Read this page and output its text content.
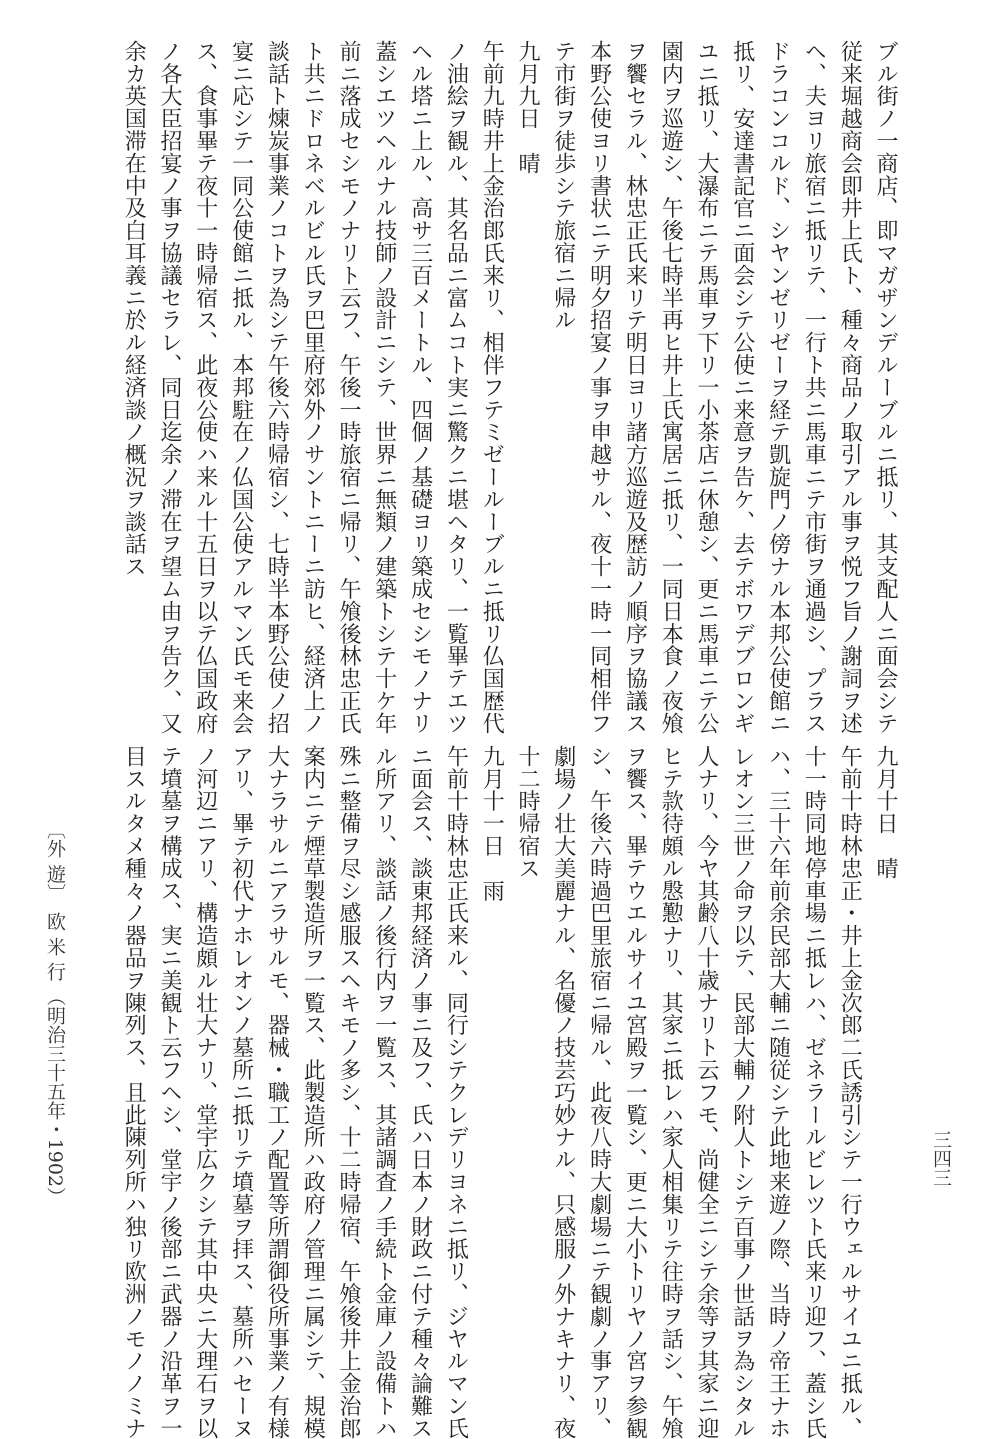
ブル街ノ一商店、即マガザンデルーブルニ抵リ、其支配人ニ面会シテ
従来堀越商会即井上氏ト、種々商品ノ取引アル事ヲ悦フ旨ノ謝詞ヲ述
ヘ、夫ヨリ旅宿ニ抵リテ、一行ト共ニ馬車ニテ市街ヲ通過シ、プラス
ドラコンコルド、シヤンゼリゼーヲ経テ凱旋門ノ傍ナル本邦公使館ニ
抵リ、安達書記官ニ面会シテ公使ニ来意ヲ告ケ、去テボワデブロンギ
ユニ抵リ、大瀑布ニテ馬車ヲ下リ一小茶店ニ休憩シ、更ニ馬車ニテ公
園内ヲ巡遊シ、午後七時半再ヒ井上氏寓居ニ抵リ、一同日本食ノ夜飧
ヲ饗セラル、林忠正氏来リテ明日ヨリ諸方巡遊及歴訪ノ順序ヲ協議ス
本野公使ヨリ書状ニテ明夕招宴ノ事ヲ申越サル、夜十一時一同相伴フ
テ市街ヲ徒歩シテ旅宿ニ帰ル
九月九日　晴
午前九時井上金治郎氏来リ、相伴フテミゼールーブルニ抵リ仏国歴代
ノ油絵ヲ観ル、其名品ニ富ムコト実ニ驚クニ堪ヘタリ、一覧畢テエツ
ヘル塔ニ上ル、高サ三百メートル、四個ノ基礎ヨリ築成セシモノナリ
蓋シエツヘルナル技師ノ設計ニシテ、世界ニ無類ノ建築トシテ十ケ年
前ニ落成セシモノナリト云フ、午後一時旅宿ニ帰リ、午飧後林忠正氏
ト共ニドロネベルビル氏ヲ巴里府郊外ノサントニーニ訪ヒ、経済上ノ
談話ト煉炭事業ノコトヲ為シテ午後六時帰宿シ、七時半本野公使ノ招
宴ニ応シテ一同公使館ニ抵ル、本邦駐在ノ仏国公使アルマン氏モ来会
ス、食事畢テ夜十一時帰宿ス、此夜公使ハ来ル十五日ヲ以テ仏国政府
ノ各大臣招宴ノ事ヲ協議セラレ、同日迄余ノ滞在ヲ望ム由ヲ告ク、又
余カ英国滞在中及白耳義ニ於ル経済談ノ概況ヲ談話ス
九月十日　晴
午前十時林忠正・井上金次郎二氏誘引シテ一行ウェルサイユニ抵ル、
十一時同地停車場ニ抵レハ、ゼネラールビレツト氏来リ迎フ、蓋シ氏
ハ、三十六年前余民部大輔ニ随従シテ此地来遊ノ際、当時ノ帝王ナホ
レオン三世ノ命ヲ以テ、民部大輔ノ附人トシテ百事ノ世話ヲ為シタル
人ナリ、今ヤ其齢八十歳ナリト云フモ、尚健全ニシテ余等ヲ其家ニ迎
ヒテ款待頗ル慇懃ナリ、其家ニ抵レハ家人相集リテ往時ヲ話シ、午飧
ヲ饗ス、畢テウエルサイユ宮殿ヲ一覧シ、更ニ大小トリヤノ宮ヲ参観
シ、午後六時過巴里旅宿ニ帰ル、此夜八時大劇場ニテ観劇ノ事アリ、
劇場ノ壮大美麗ナル、名優ノ技芸巧妙ナル、只感服ノ外ナキナリ、夜
十二時帰宿ス
九月十一日　雨
午前十時林忠正氏来ル、同行シテクレデリヨネニ抵リ、ジヤルマン氏
ニ面会ス、談東邦経済ノ事ニ及フ、氏ハ日本ノ財政ニ付テ種々論難ス
ル所アリ、談話ノ後行内ヲ一覧ス、其諸調査ノ手続ト金庫ノ設備トハ
殊ニ整備ヲ尽シ感服スヘキモノ多シ、十二時帰宿、午飧後井上金治郎
案内ニテ煙草製造所ヲ一覧ス、此製造所ハ政府ノ管理ニ属シテ、規模
大ナラサルニアラサルモ、器械・職工ノ配置等所謂御役所事業ノ有様
アリ、畢テ初代ナホレオンノ墓所ニ抵リテ墳墓ヲ拝ス、墓所ハセーヌ
ノ河辺ニアリ、構造頗ル壮大ナリ、堂宇広クシテ其中央ニ大理石ヲ以
テ墳墓ヲ構成ス、実ニ美観ト云フヘシ、堂宇ノ後部ニ武器ノ沿革ヲ一
目スルタメ種々ノ器品ヲ陳列ス、且此陳列所ハ独リ欧洲ノモノノミナ
〔外 遊〕　欧 米 行 （明治三十五年・1902）	三四三
